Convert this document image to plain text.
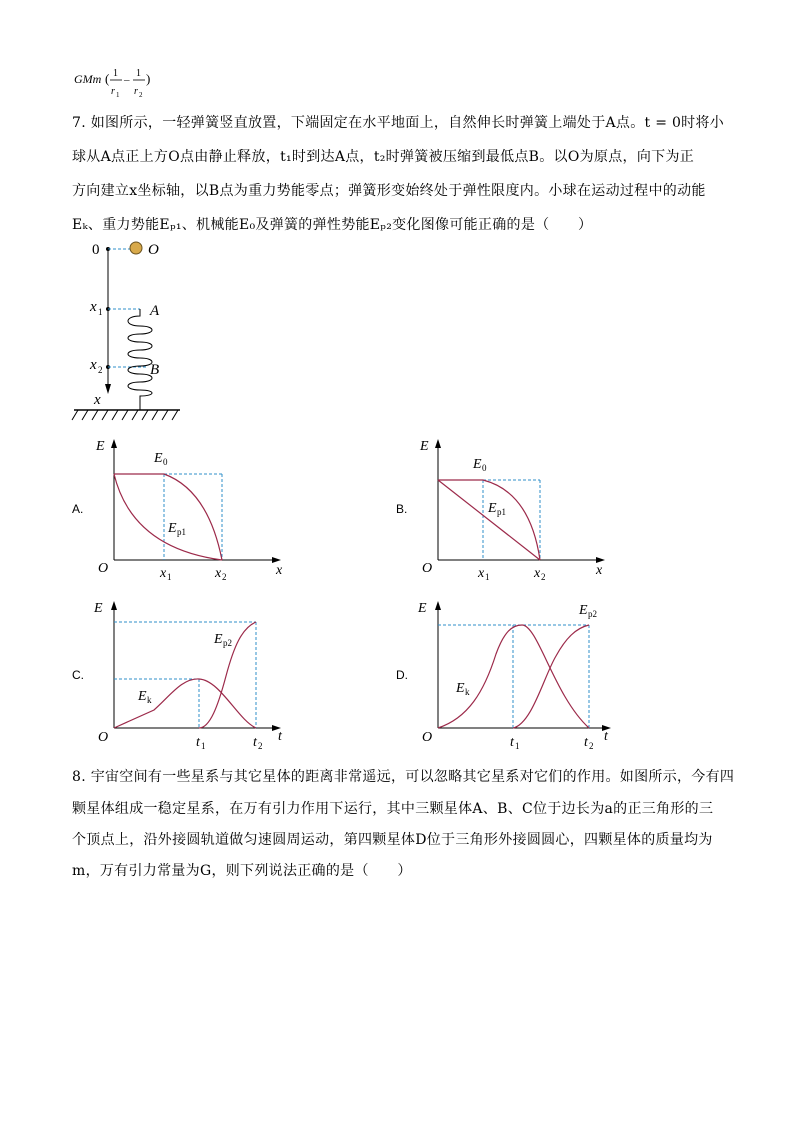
GMm ( 1
r 1
–
1
r 2
)
7. 如图所示，一轻弹簧竖直放置，下端固定在水平地面上，自然伸长时弹簧上端处于A点。t = 0时将小
球从A点正上方O点由静止释放，t₁时到达A点，t₂时弹簧被压缩到最低点B。以O为原点，向下为正
方向建立x坐标轴，以B点为重力势能零点；弹簧形变始终处于弹性限度内。小球在运动过程中的动能
Eₖ、重力势能Eₚ₁、机械能E₀及弹簧的弹性势能Eₚ₂变化图像可能正确的是（　　）
0	O
x 1	A
x 2	B
x
A.
E
O	x
E 0
E p1
x 1	x 2
B.
E
O	x
E 0
E p1
x 1	x 2
C.
E
O	t
E p2
E k
t 1	t 2
D.
E
O	t
E p2
E k
t 1	t 2
8. 宇宙空间有一些星系与其它星体的距离非常遥远，可以忽略其它星系对它们的作用。如图所示，今有四
颗星体组成一稳定星系，在万有引力作用下运行，其中三颗星体A、B、C位于边长为a的正三角形的三
个顶点上，沿外接圆轨道做匀速圆周运动，第四颗星体D位于三角形外接圆圆心，四颗星体的质量均为
m，万有引力常量为G，则下列说法正确的是（　　）
